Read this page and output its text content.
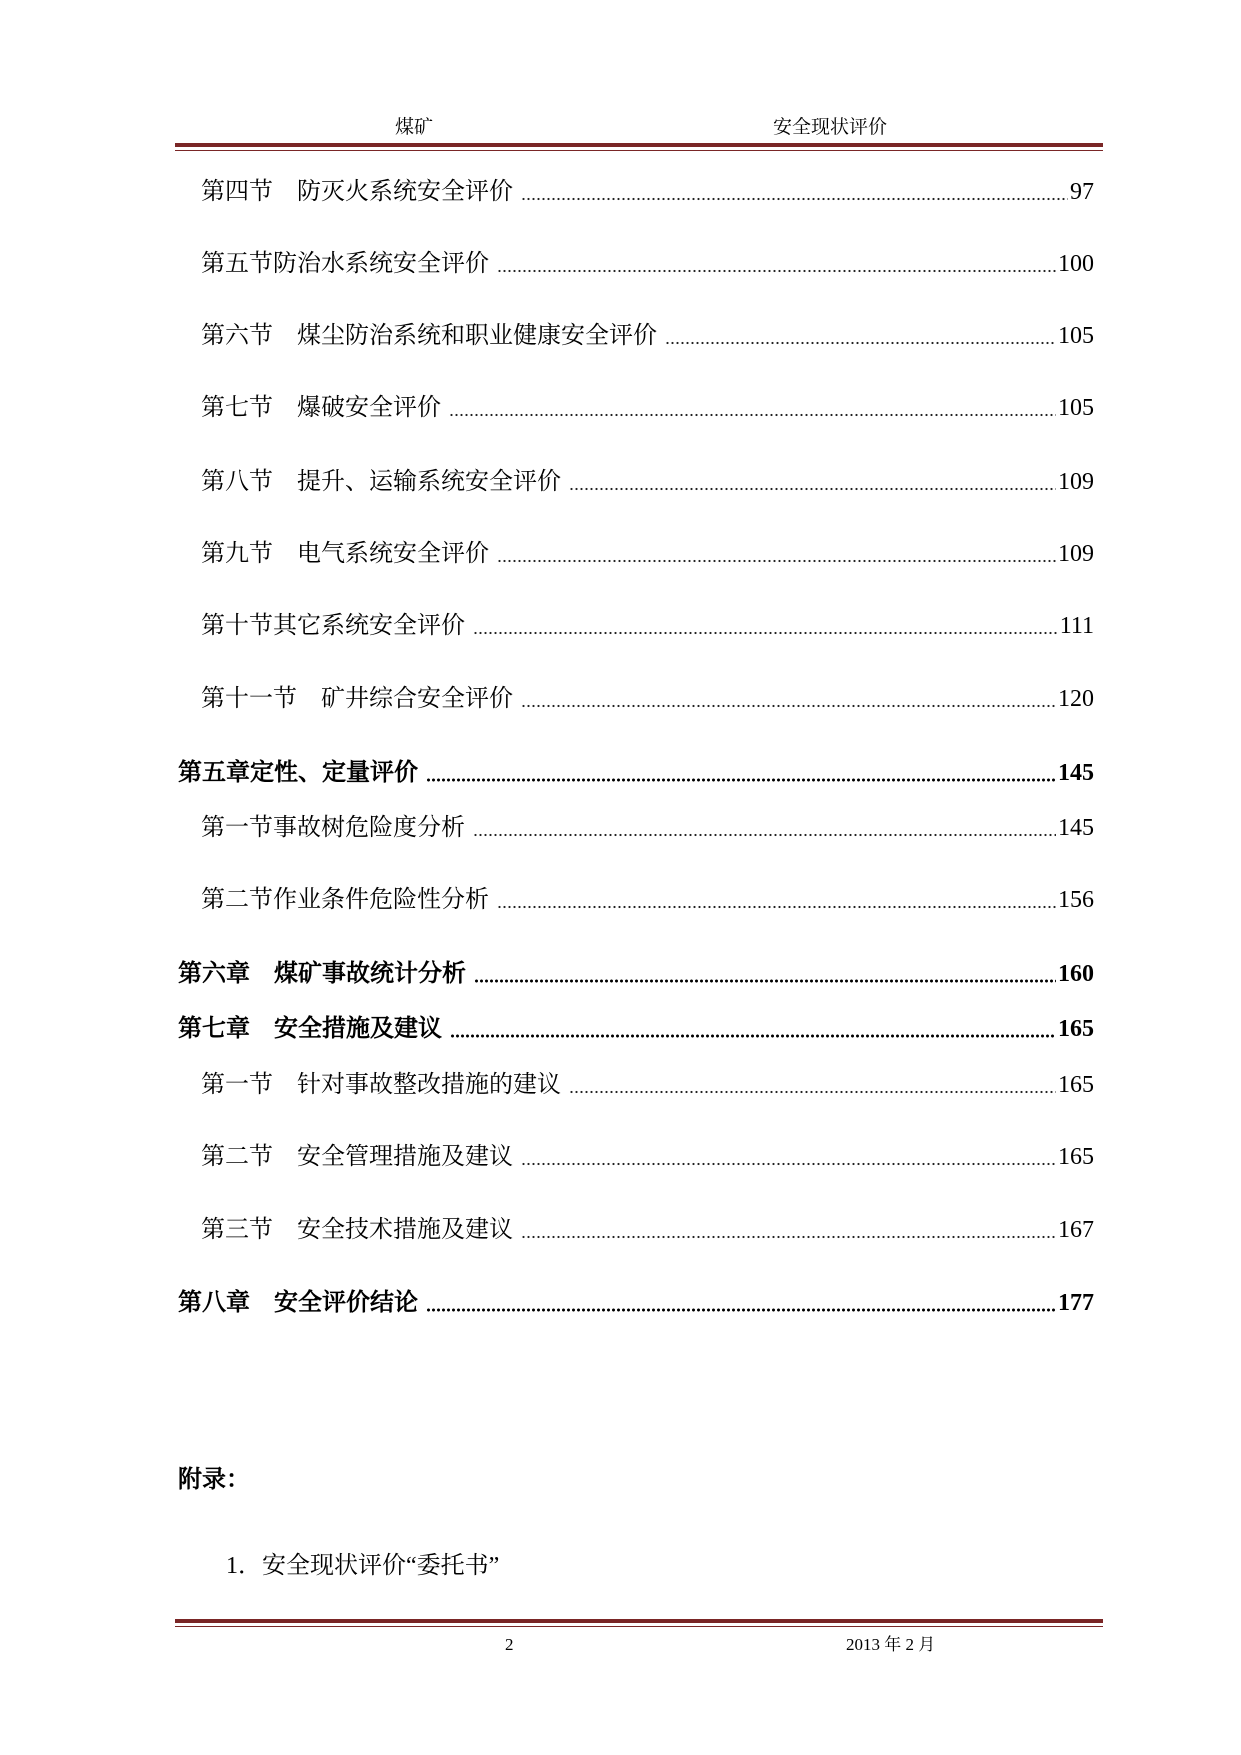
煤矿	安全现状评价
第四节　防灭火系统安全评价	97
第五节防治水系统安全评价	100
第六节　煤尘防治系统和职业健康安全评价	105
第七节　爆破安全评价	105
第八节　提升、运输系统安全评价	109
第九节　电气系统安全评价	109
第十节其它系统安全评价	111
第十一节　矿井综合安全评价	120
第五章定性、定量评价	145
第一节事故树危险度分析	145
第二节作业条件危险性分析	156
第六章　煤矿事故统计分析	160
第七章　安全措施及建议	165
第一节　针对事故整改措施的建议	165
第二节　安全管理措施及建议	165
第三节　安全技术措施及建议	167
第八章　安全评价结论	177
附录：
1．安全现状评价“委托书”
2	2013 年 2 月
